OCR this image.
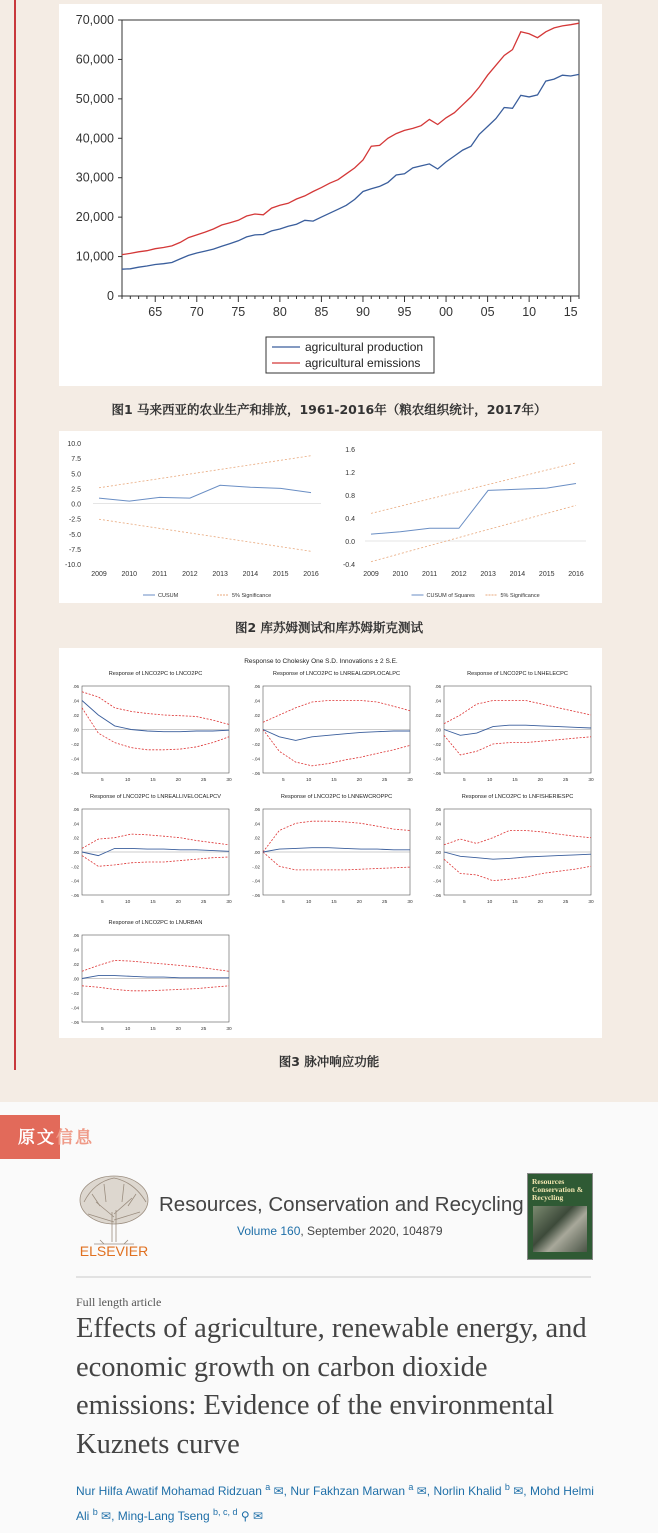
0
10,000
20,000
30,000
40,000
50,000
60,000
70,000
65 70 75 80 85 90 95 00 05 10 15
agricultural production
agricultural emissions
图1 马来西亚的农业生产和排放，1961-2016年（粮农组织统计，2017年）
10.0
7.5
5.0
2.5
0.0
-2.5
-5.0
-7.5
-10.0
2009 2010 2011 2012 2013 2014 2015 2016
CUSUM	5% Significance
1.6
1.2
0.8
0.4
0.0
-0.4
2009 2010 2011 2012 2013 2014 2015 2016
CUSUM of Squares	5% Significance
图2 库苏姆测试和库苏姆斯克测试
Response to Cholesky One S.D. Innovations ± 2 S.E.
Response of LNCO2PC to LNCO2PC
.06
.04
.02
.00
-.02
-.04
-.06
5	10	15	20	25	30
Response of LNCO2PC to LNREALGDPLOCALPC
.06
.04
.02
.00
-.02
-.04
-.06
5	10	15	20	25	30
Response of LNCO2PC to LNHELECPC
.06
.04
.02
.00
-.02
-.04
-.06
5	10	15	20	25	30
Response of LNCO2PC to LNREALLIVELOCALPCV
.06
.04
.02
.00
-.02
-.04
-.06
5	10	15	20	25	30
Response of LNCO2PC to LNNEWCROPPC
.06
.04
.02
.00
-.02
-.04
-.06
5	10	15	20	25	30
Response of LNCO2PC to LNFISHERIESPC
.06
.04
.02
.00
-.02
-.04
-.06
5	10	15	20	25	30
Response of LNCO2PC to LNURBAN
.06
.04
.02
.00
-.02
-.04
-.06
5	10	15	20	25	30
图3 脉冲响应功能
原文信息
ELSEVIER
Resources, Conservation and Recycling
Volume 160, September 2020, 104879
Resources Conservation & Recycling
Full length article
Effects of agriculture, renewable energy, and economic growth on carbon dioxide emissions: Evidence of the environmental Kuznets curve
Nur Hilfa Awatif Mohamad Ridzuan $^a$ ✉, Nur Fakhzan Marwan $^a$ ✉, Norlin Khalid $^b$ ✉, Mohd Helmi Ali $^b$ ✉, Ming-Lang Tseng $^{b, c, d}$ ⚲ ✉
